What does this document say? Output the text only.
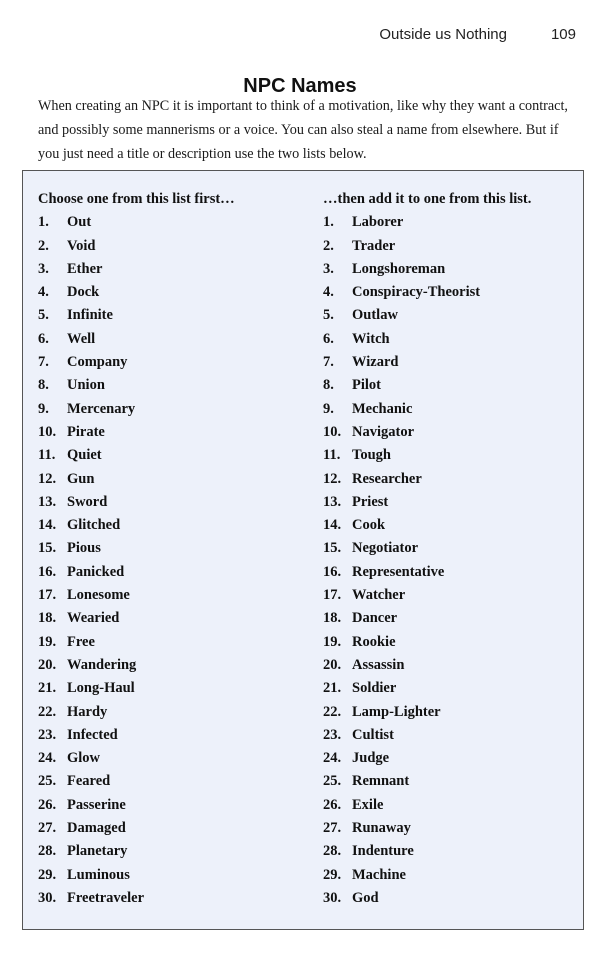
Outside us Nothing	109
NPC Names

When creating an NPC it is important to think of a motivation, like why they want a contract, and possibly some mannerisms or a voice. You can also steal a name from elsewhere. But if you just need a title or description use the two lists below.

Choose one from this list first…
1.	Out
2.	Void
3.	Ether
4.	Dock
5.	Infinite
6.	Well
7.	Company
8.	Union
9.	Mercenary
10. Pirate
11. Quiet
12. Gun
13. Sword
14. Glitched
15. Pious
16. Panicked
17. Lonesome
18. Wearied
19. Free
20. Wandering
21. Long-Haul
22. Hardy
23. Infected
24. Glow
25. Feared
26. Passerine
27. Damaged
28. Planetary
29. Luminous
30. Freetraveler
…then add it to one from this list.
1.	Laborer
2.	Trader
3.	Longshoreman
4.	Conspiracy-Theorist
5.	Outlaw
6.	Witch
7.	Wizard
8.	Pilot
9.	Mechanic
10. Navigator
11. Tough
12. Researcher
13. Priest
14. Cook
15. Negotiator
16. Representative
17. Watcher
18. Dancer
19. Rookie
20. Assassin
21. Soldier
22. Lamp-Lighter
23. Cultist
24. Judge
25. Remnant
26. Exile
27. Runaway
28. Indenture
29. Machine
30. God
